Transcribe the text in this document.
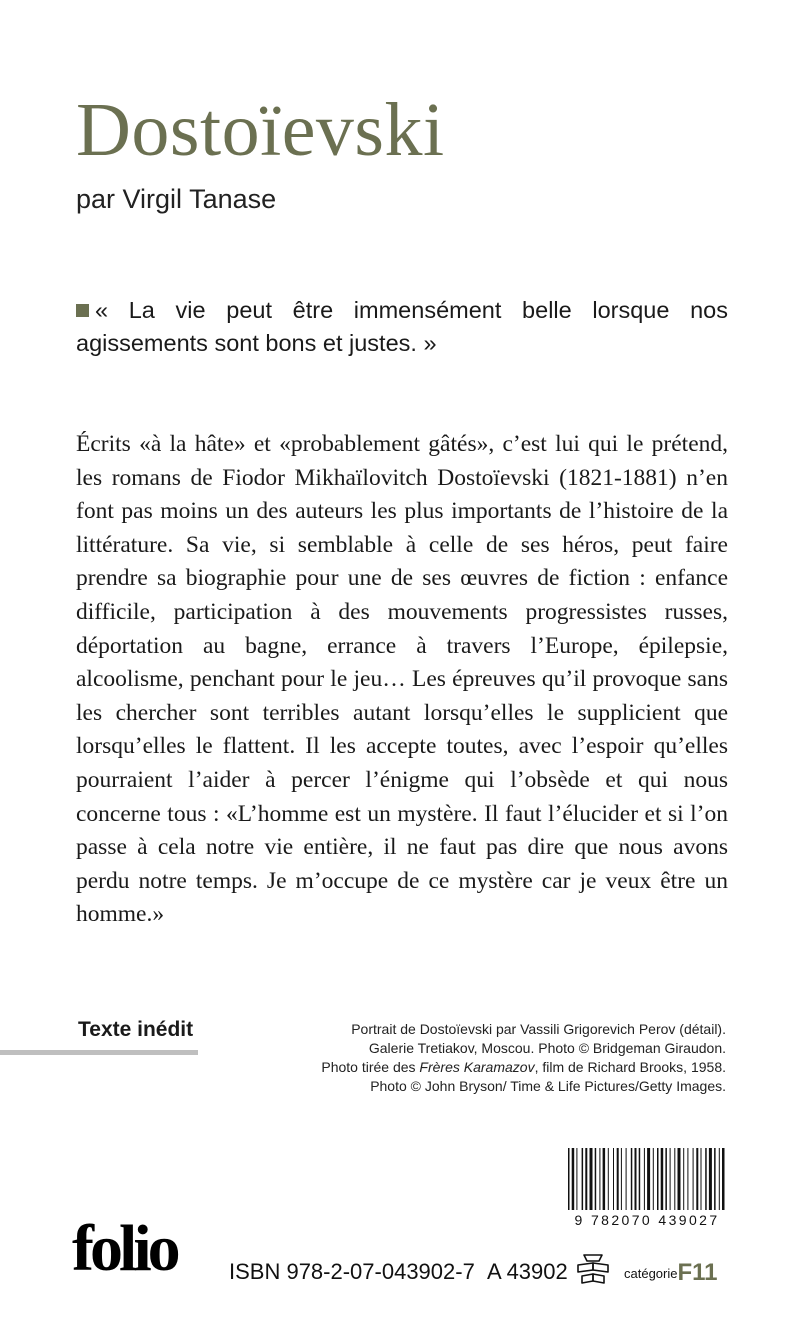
Dostoïevski
par Virgil Tanase
« La vie peut être immensément belle lorsque nos agissements sont bons et justes. »

Écrits «à la hâte» et «probablement gâtés», c’est lui qui le prétend, les romans de Fiodor Mikhaïlovitch Dostoïevski (1821-1881) n’en font pas moins un des auteurs les plus importants de l’histoire de la littérature. Sa vie, si semblable à celle de ses héros, peut faire prendre sa biographie pour une de ses œuvres de fiction : enfance difficile, participation à des mouvements progressistes russes, déportation au bagne, errance à travers l’Europe, épilepsie, alcoolisme, penchant pour le jeu… Les épreuves qu’il provoque sans les chercher sont terribles autant lorsqu’elles le supplicient que lorsqu’elles le flattent. Il les accepte toutes, avec l’espoir qu’elles pourraient l’aider à percer l’énigme qui l’obsède et qui nous concerne tous : «L’homme est un mystère. Il faut l’élucider et si l’on passe à cela notre vie entière, il ne faut pas dire que nous avons perdu notre temps. Je m’occupe de ce mystère car je veux être un homme.»

Texte inédit	Portrait de Dostoïevski par Vassili Grigorevich Perov (détail).
Galerie Tretiakov, Moscou. Photo © Bridgeman Giraudon.
Photo tirée des Frères Karamazov, film de Richard Brooks, 1958.
Photo © John Bryson/ Time & Life Pictures/Getty Images.
9 782070 439027
folio ISBN 978-2-07-043902-7 A 43902	catégorieF11
